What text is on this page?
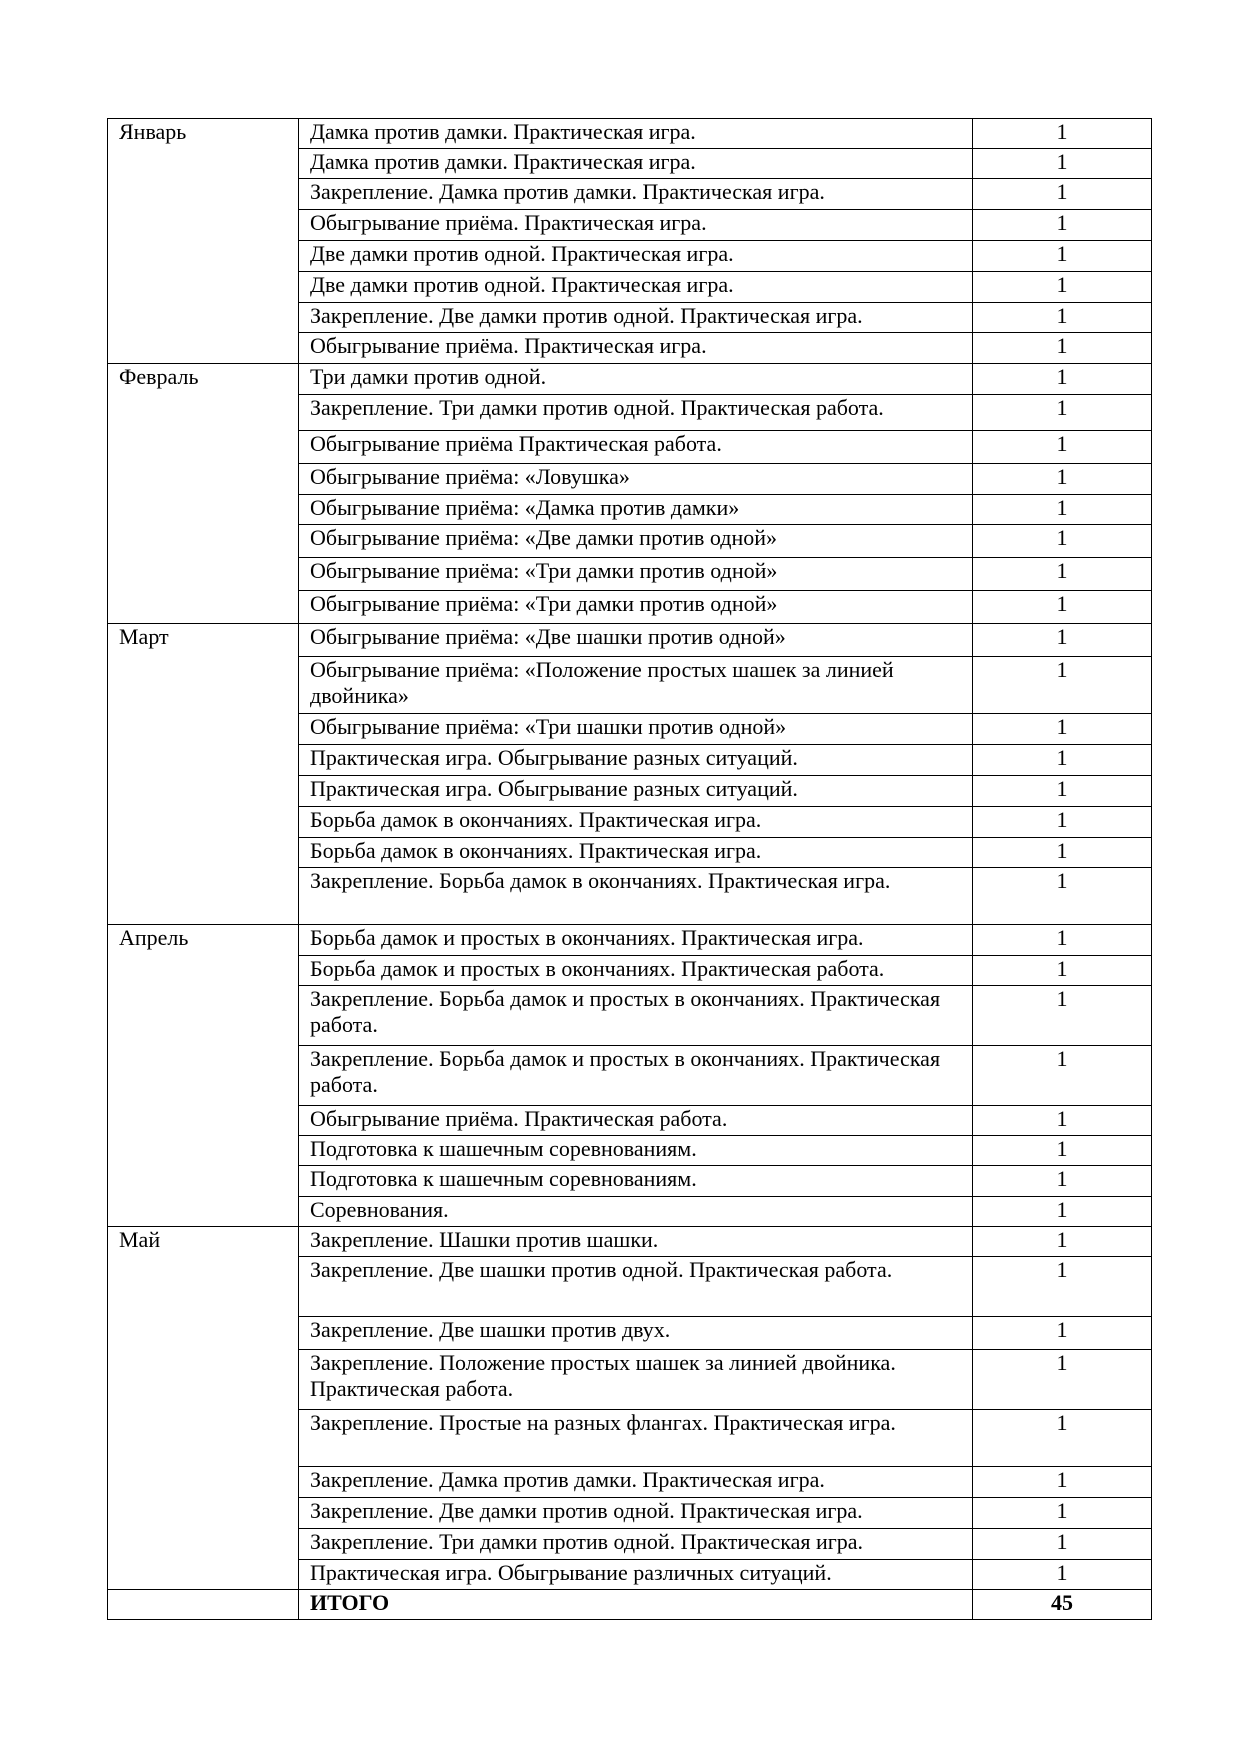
Январь	Дамка против дамки. Практическая игра.	1
	Дамка против дамки. Практическая игра.	1
	Закрепление. Дамка против дамки. Практическая игра.	1
	Обыгрывание приёма. Практическая игра.	1
	Две дамки против одной. Практическая игра.	1
	Две дамки против одной. Практическая игра.	1
	Закрепление. Две дамки против одной. Практическая игра.	1
	Обыгрывание приёма. Практическая игра.	1
Февраль	Три дамки против одной.	1
	Закрепление. Три дамки против одной. Практическая работа.	1
	Обыгрывание приёма Практическая работа.	1
	Обыгрывание приёма: «Ловушка»	1
	Обыгрывание приёма: «Дамка против дамки»	1
	Обыгрывание приёма: «Две дамки против одной»	1
	Обыгрывание приёма: «Три дамки против одной»	1
	Обыгрывание приёма: «Три дамки против одной»	1
Март	Обыгрывание приёма: «Две шашки против одной»	1
	Обыгрывание приёма: «Положение простых шашек за линией двойника»	1
	Обыгрывание приёма: «Три шашки против одной»	1
	Практическая игра. Обыгрывание разных ситуаций.	1
	Практическая игра. Обыгрывание разных ситуаций.	1
	Борьба дамок в окончаниях. Практическая игра.	1
	Борьба дамок в окончаниях. Практическая игра.	1
	Закрепление. Борьба дамок в окончаниях. Практическая игра.	1
Апрель	Борьба дамок и простых в окончаниях. Практическая игра.	1
	Борьба дамок и простых в окончаниях. Практическая работа.	1
	Закрепление. Борьба дамок и простых в окончаниях. Практическая работа.	1
	Закрепление. Борьба дамок и простых в окончаниях. Практическая работа.	1
	Обыгрывание приёма. Практическая работа.	1
	Подготовка к шашечным соревнованиям.	1
	Подготовка к шашечным соревнованиям.	1
	Соревнования.	1
Май	Закрепление. Шашки против шашки.	1
	Закрепление. Две шашки против одной. Практическая работа.	1
	Закрепление. Две шашки против двух.	1
	Закрепление. Положение простых шашек за линией двойника. Практическая работа.	1
	Закрепление. Простые на разных флангах. Практическая игра.	1
	Закрепление. Дамка против дамки. Практическая игра.	1
	Закрепление. Две дамки против одной. Практическая игра.	1
	Закрепление. Три дамки против одной. Практическая игра.	1
	Практическая игра. Обыгрывание различных ситуаций.	1
	ИТОГО	45
